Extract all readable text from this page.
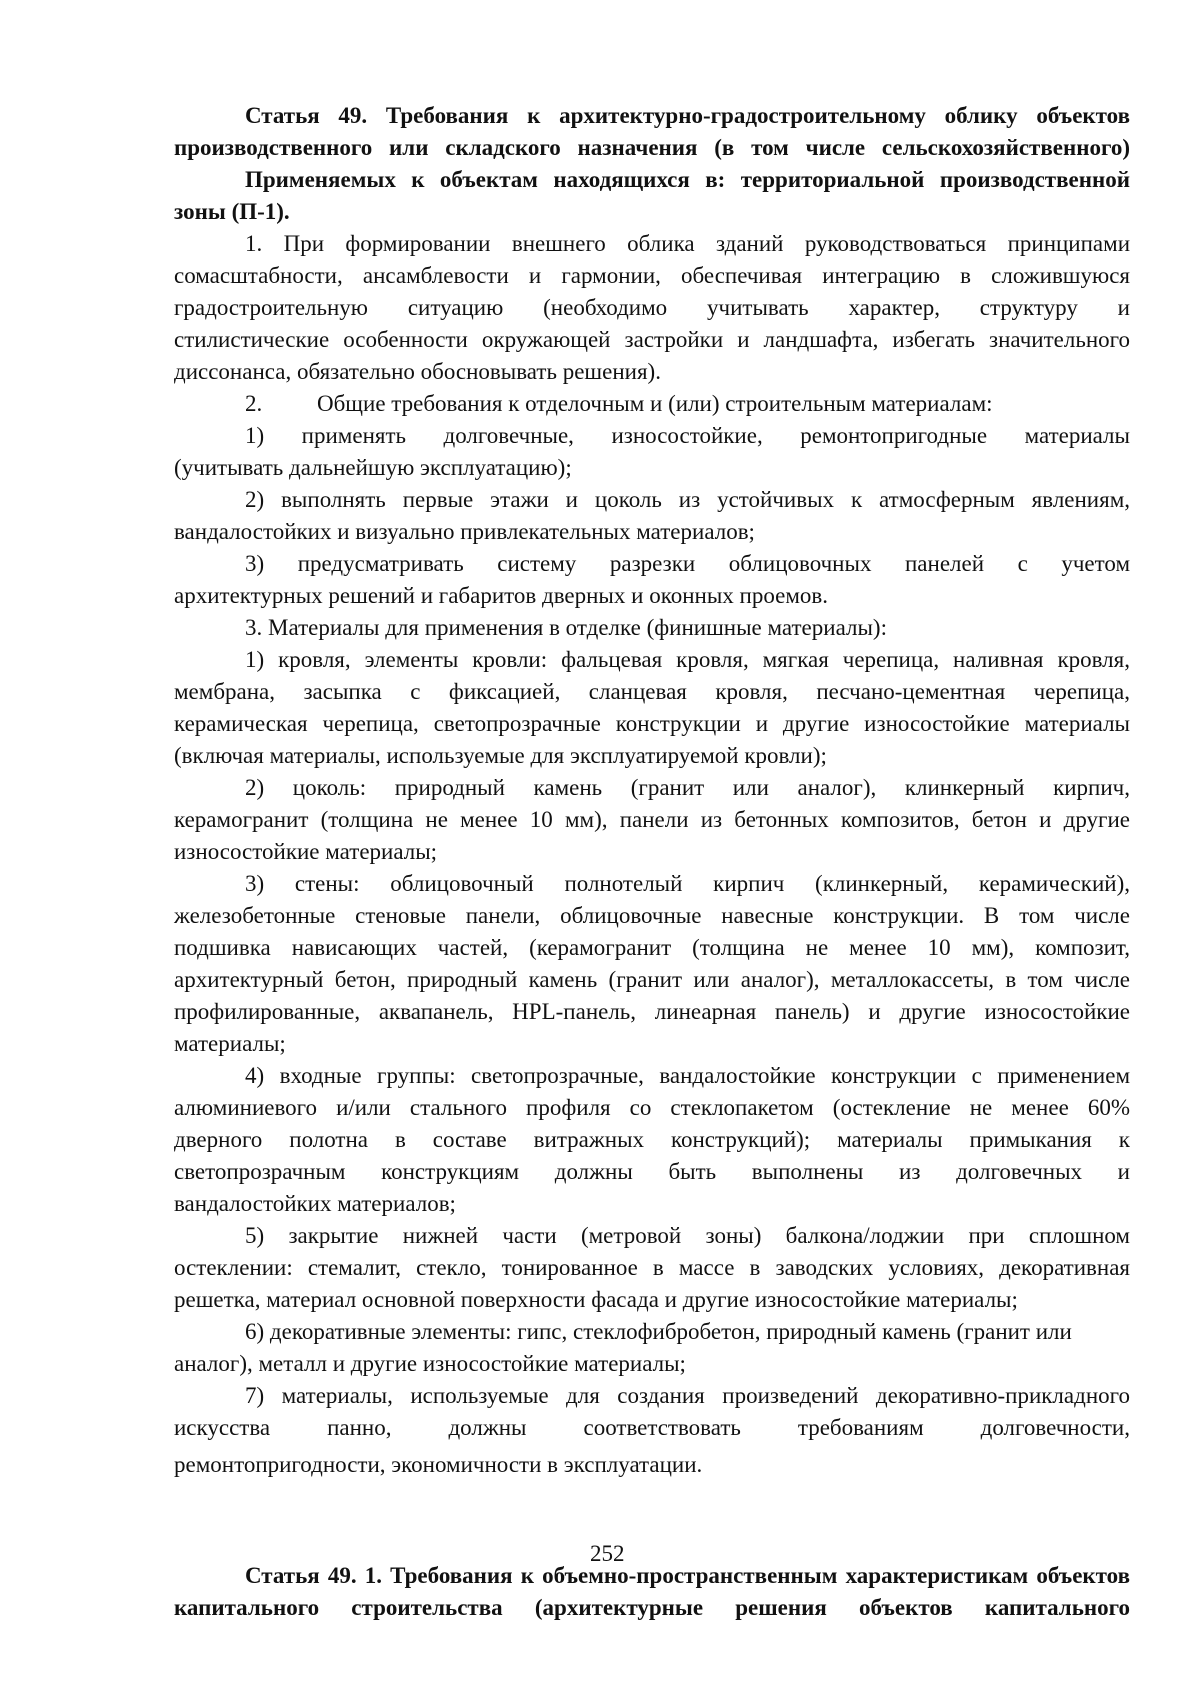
Статья 49. Требования к архитектурно-градостроительному облику объектов
производственного или складского назначения (в том числе сельскохозяйственного)
Применяемых к объектам находящихся в: территориальной производственной
зоны (П-1).
1. При формировании внешнего облика зданий руководствоваться принципами
сомасштабности, ансамблевости и гармонии, обеспечивая интеграцию в сложившуюся
градостроительную ситуацию (необходимо учитывать характер, структуру и
стилистические особенности окружающей застройки и ландшафта, избегать значительного
диссонанса, обязательно обосновывать решения).
2. Общие требования к отделочным и (или) строительным материалам:
1) применять долговечные, износостойкие, ремонтопригодные материалы
(учитывать дальнейшую эксплуатацию);
2) выполнять первые этажи и цоколь из устойчивых к атмосферным явлениям,
вандалостойких и визуально привлекательных материалов;
3) предусматривать систему разрезки облицовочных панелей с учетом
архитектурных решений и габаритов дверных и оконных проемов.
3. Материалы для применения в отделке (финишные материалы):
1) кровля, элементы кровли: фальцевая кровля, мягкая черепица, наливная кровля,
мембрана, засыпка с фиксацией, сланцевая кровля, песчано-цементная черепица,
керамическая черепица, светопрозрачные конструкции и другие износостойкие материалы
(включая материалы, используемые для эксплуатируемой кровли);
2) цоколь: природный камень (гранит или аналог), клинкерный кирпич,
керамогранит (толщина не менее 10 мм), панели из бетонных композитов, бетон и другие
износостойкие материалы;
3) стены: облицовочный полнотелый кирпич (клинкерный, керамический),
железобетонные стеновые панели, облицовочные навесные конструкции. В том числе
подшивка нависающих частей, (керамогранит (толщина не менее 10 мм), композит,
архитектурный бетон, природный камень (гранит или аналог), металлокассеты, в том числе
профилированные, аквапанель, HPL-панель, линеарная панель) и другие износостойкие
материалы;
4) входные группы: светопрозрачные, вандалостойкие конструкции с применением
алюминиевого и/или стального профиля со стеклопакетом (остекление не менее 60%
дверного полотна в составе витражных конструкций); материалы примыкания к
светопрозрачным конструкциям должны быть выполнены из долговечных и
вандалостойких материалов;
5) закрытие нижней части (метровой зоны) балкона/лоджии при сплошном
остеклении: стемалит, стекло, тонированное в массе в заводских условиях, декоративная
решетка, материал основной поверхности фасада и другие износостойкие материалы;
6) декоративные элементы: гипс, стеклофибробетон, природный камень (гранит или
аналог), металл и другие износостойкие материалы;
7) материалы, используемые для создания произведений декоративно-прикладного
искусства панно, должны соответствовать требованиям долговечности,
ремонтопригодности, экономичности в эксплуатации.
Статья 49. 1. Требования к объемно-пространственным характеристикам объектов
капитального строительства (архитектурные решения объектов капитального
252
